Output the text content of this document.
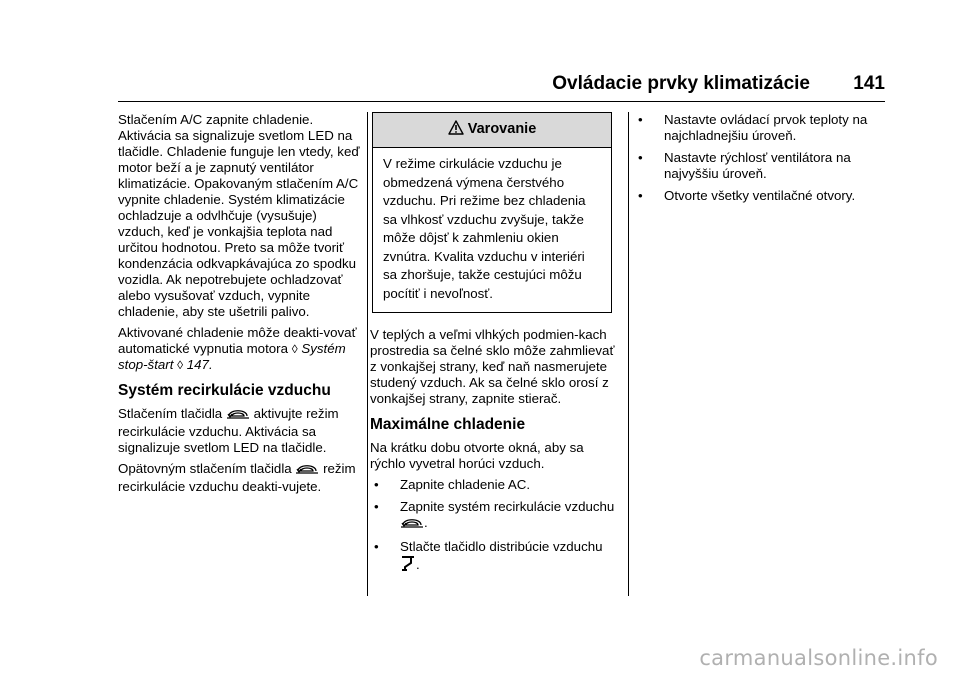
Ovládacie prvky klimatizácie	141

Stlačením A/C zapnite chladenie. Aktivácia sa signalizuje svetlom LED na tlačidle. Chladenie funguje len vtedy, keď motor beží a je zapnutý ventilátor klimatizácie. Opakovaným stlačením A/C vypnite chladenie. Systém klimatizácie ochladzuje a odvlhčuje (vysušuje) vzduch, keď je vonkajšia teplota nad určitou hodnotou. Preto sa môže tvoriť kondenzácia odkvapkávajúca zo spodku vozidla. Ak nepotrebujete ochladzovať alebo vysušovať vzduch, vypnite chladenie, aby ste ušetrili palivo.

Aktivované chladenie môže deakti-vovať automatické vypnutia motora ◊ Systém stop-štart ◊ 147.

Systém recirkulácie vzduchu

Stlačením tlačidla aktivujte režim recirkulácie vzduchu. Aktivácia sa signalizuje svetlom LED na tlačidle.

Opätovným stlačením tlačidla režim recirkulácie vzduchu deakti-vujete.

Varovanie
V režime cirkulácie vzduchu je obmedzená výmena čerstvého vzduchu. Pri režime bez chladenia sa vlhkosť vzduchu zvyšuje, takže môže dôjsť k zahmleniu okien zvnútra. Kvalita vzduchu v interiéri sa zhoršuje, takže cestujúci môžu pocítiť i nevoľnosť.

V teplých a veľmi vlhkých podmien-kach prostredia sa čelné sklo môže zahmlievať z vonkajšej strany, keď naň nasmerujete studený vzduch. Ak sa čelné sklo orosí z vonkajšej strany, zapnite stierač.

Maximálne chladenie

Na krátku dobu otvorte okná, aby sa rýchlo vyvetral horúci vzduch.

•	Zapnite chladenie AC.
•	Zapnite systém recirkulácie vzduchu .
•	Stlačte tlačidlo distribúcie vzduchu .
•	Nastavte ovládací prvok teploty na najchladnejšiu úroveň.
•	Nastavte rýchlosť ventilátora na najvyššiu úroveň.
•	Otvorte všetky ventilačné otvory.
carmanualsonline.info
